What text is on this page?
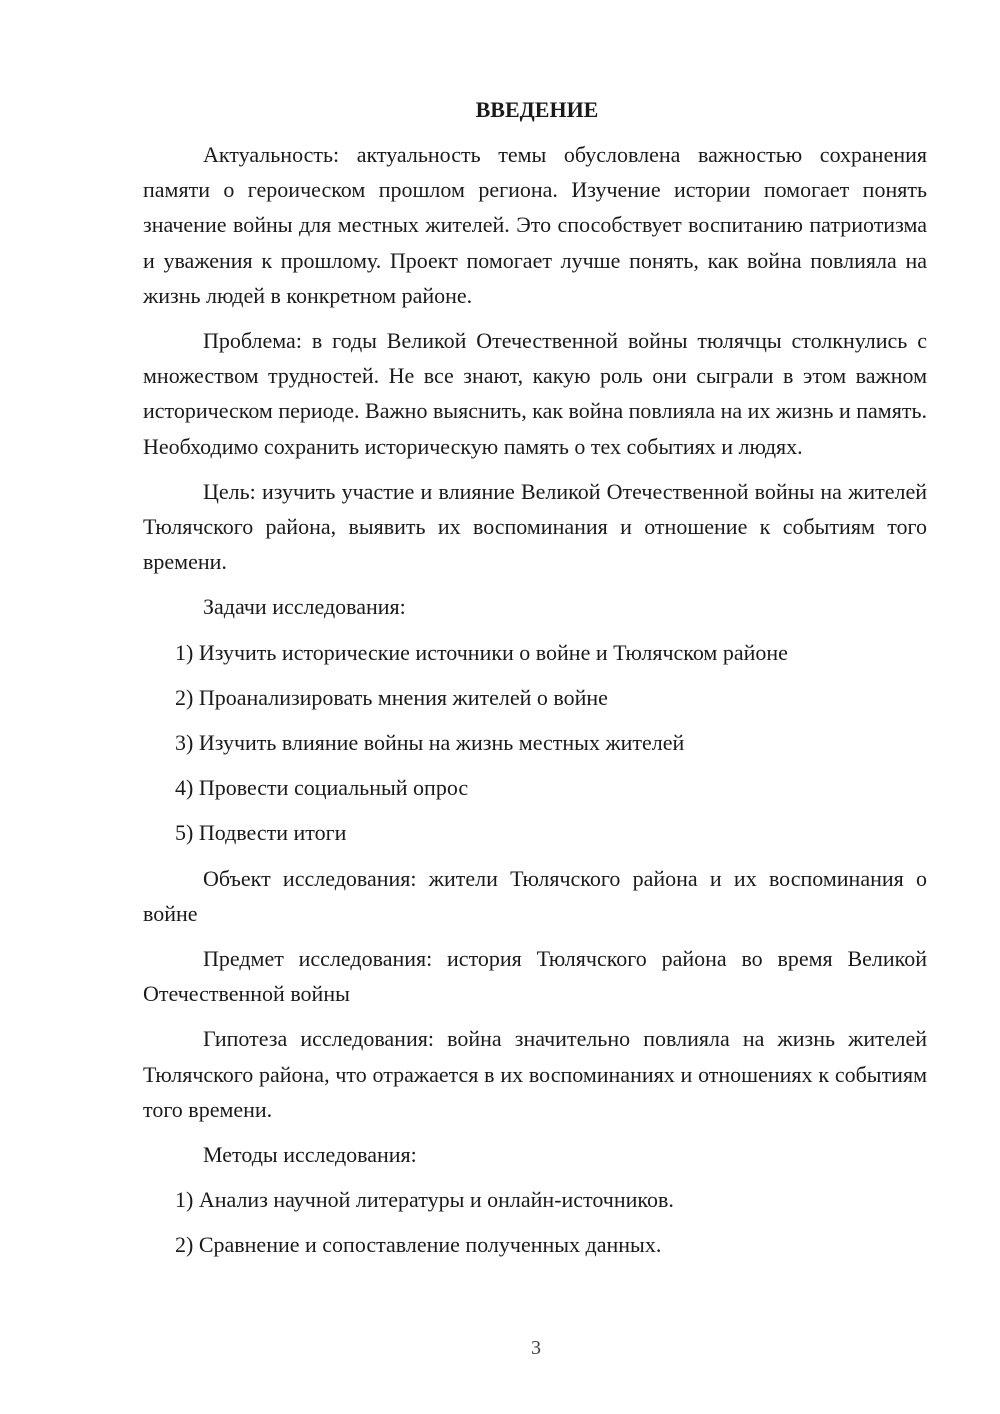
ВВЕДЕНИЕ

Актуальность: актуальность темы обусловлена важностью сохранения памяти о героическом прошлом региона. Изучение истории помогает понять значение войны для местных жителей. Это способствует воспитанию патриотизма и уважения к прошлому. Проект помогает лучше понять, как война повлияла на жизнь людей в конкретном районе.

Проблема: в годы Великой Отечественной войны тюлячцы столкнулись с множеством трудностей. Не все знают, какую роль они сыграли в этом важном историческом периоде. Важно выяснить, как война повлияла на их жизнь и память. Необходимо сохранить историческую память о тех событиях и людях.

Цель: изучить участие и влияние Великой Отечественной войны на жителей Тюлячского района, выявить их воспоминания и отношение к событиям того времени.

Задачи исследования:

1) Изучить исторические источники о войне и Тюлячском районе
2) Проанализировать мнения жителей о войне
3) Изучить влияние войны на жизнь местных жителей
4) Провести социальный опрос
5) Подвести итоги

Объект исследования: жители Тюлячского района и их воспоминания о войне

Предмет исследования: история Тюлячского района во время Великой Отечественной войны

Гипотеза исследования: война значительно повлияла на жизнь жителей Тюлячского района, что отражается в их воспоминаниях и отношениях к событиям того времени.

Методы исследования:

1) Анализ научной литературы и онлайн-источников.
2) Сравнение и сопоставление полученных данных.
3
